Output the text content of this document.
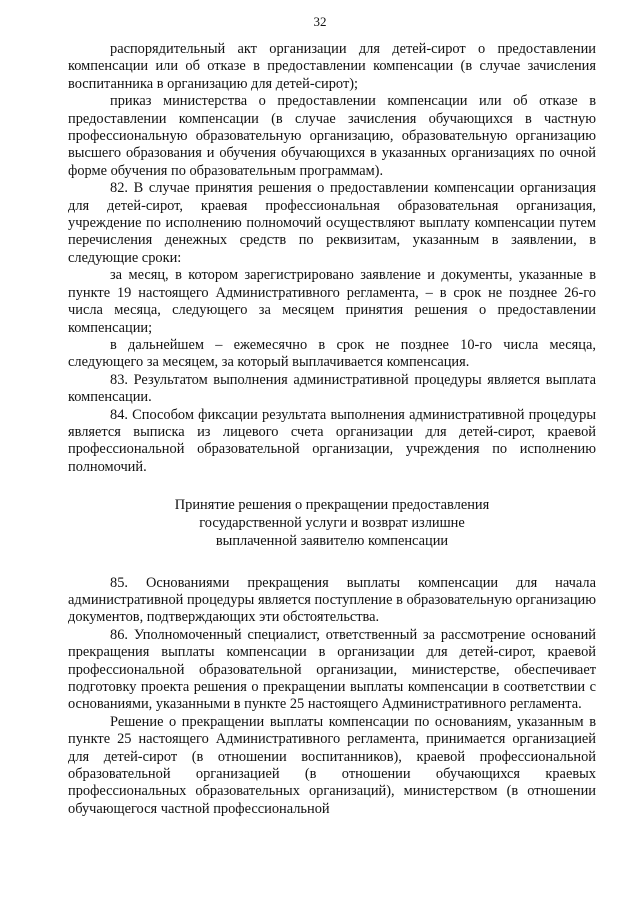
32

распорядительный акт организации для детей-сирот о предоставлении компенсации или об отказе в предоставлении компенсации (в случае зачисления воспитанника в организацию для детей-сирот);

приказ министерства о предоставлении компенсации или об отказе в предоставлении компенсации (в случае зачисления обучающихся в частную профессиональную образовательную организацию, образовательную организацию высшего образования и обучения обучающихся в указанных организациях по очной форме обучения по образовательным программам).

82. В случае принятия решения о предоставлении компенсации организация для детей-сирот, краевая профессиональная образовательная организация, учреждение по исполнению полномочий осуществляют выплату компенсации путем перечисления денежных средств по реквизитам, указанным в заявлении, в следующие сроки:

за месяц, в котором зарегистрировано заявление и документы, указанные в пункте 19 настоящего Административного регламента, – в срок не позднее 26-го числа месяца, следующего за месяцем принятия решения о предоставлении компенсации;

в дальнейшем – ежемесячно в срок не позднее 10-го числа месяца, следующего за месяцем, за который выплачивается компенсация.

83. Результатом выполнения административной процедуры является выплата компенсации.

84. Способом фиксации результата выполнения административной процедуры является выписка из лицевого счета организации для детей-сирот, краевой профессиональной образовательной организации, учреждения по исполнению полномочий.

Принятие решения о прекращении предоставления
государственной услуги и возврат излишне
выплаченной заявителю компенсации

85. Основаниями прекращения выплаты компенсации для начала административной процедуры является поступление в образовательную организацию документов, подтверждающих эти обстоятельства.

86. Уполномоченный специалист, ответственный за рассмотрение оснований прекращения выплаты компенсации в организации для детей-сирот, краевой профессиональной образовательной организации, министерстве, обеспечивает подготовку проекта решения о прекращении выплаты компенсации в соответствии с основаниями, указанными в пункте 25 настоящего Административного регламента.

Решение о прекращении выплаты компенсации по основаниям, указанным в пункте 25 настоящего Административного регламента, принимается организацией для детей-сирот (в отношении воспитанников), краевой профессиональной образовательной организацией (в отношении обучающихся краевых профессиональных образовательных организаций), министерством (в отношении обучающегося частной профессиональной
